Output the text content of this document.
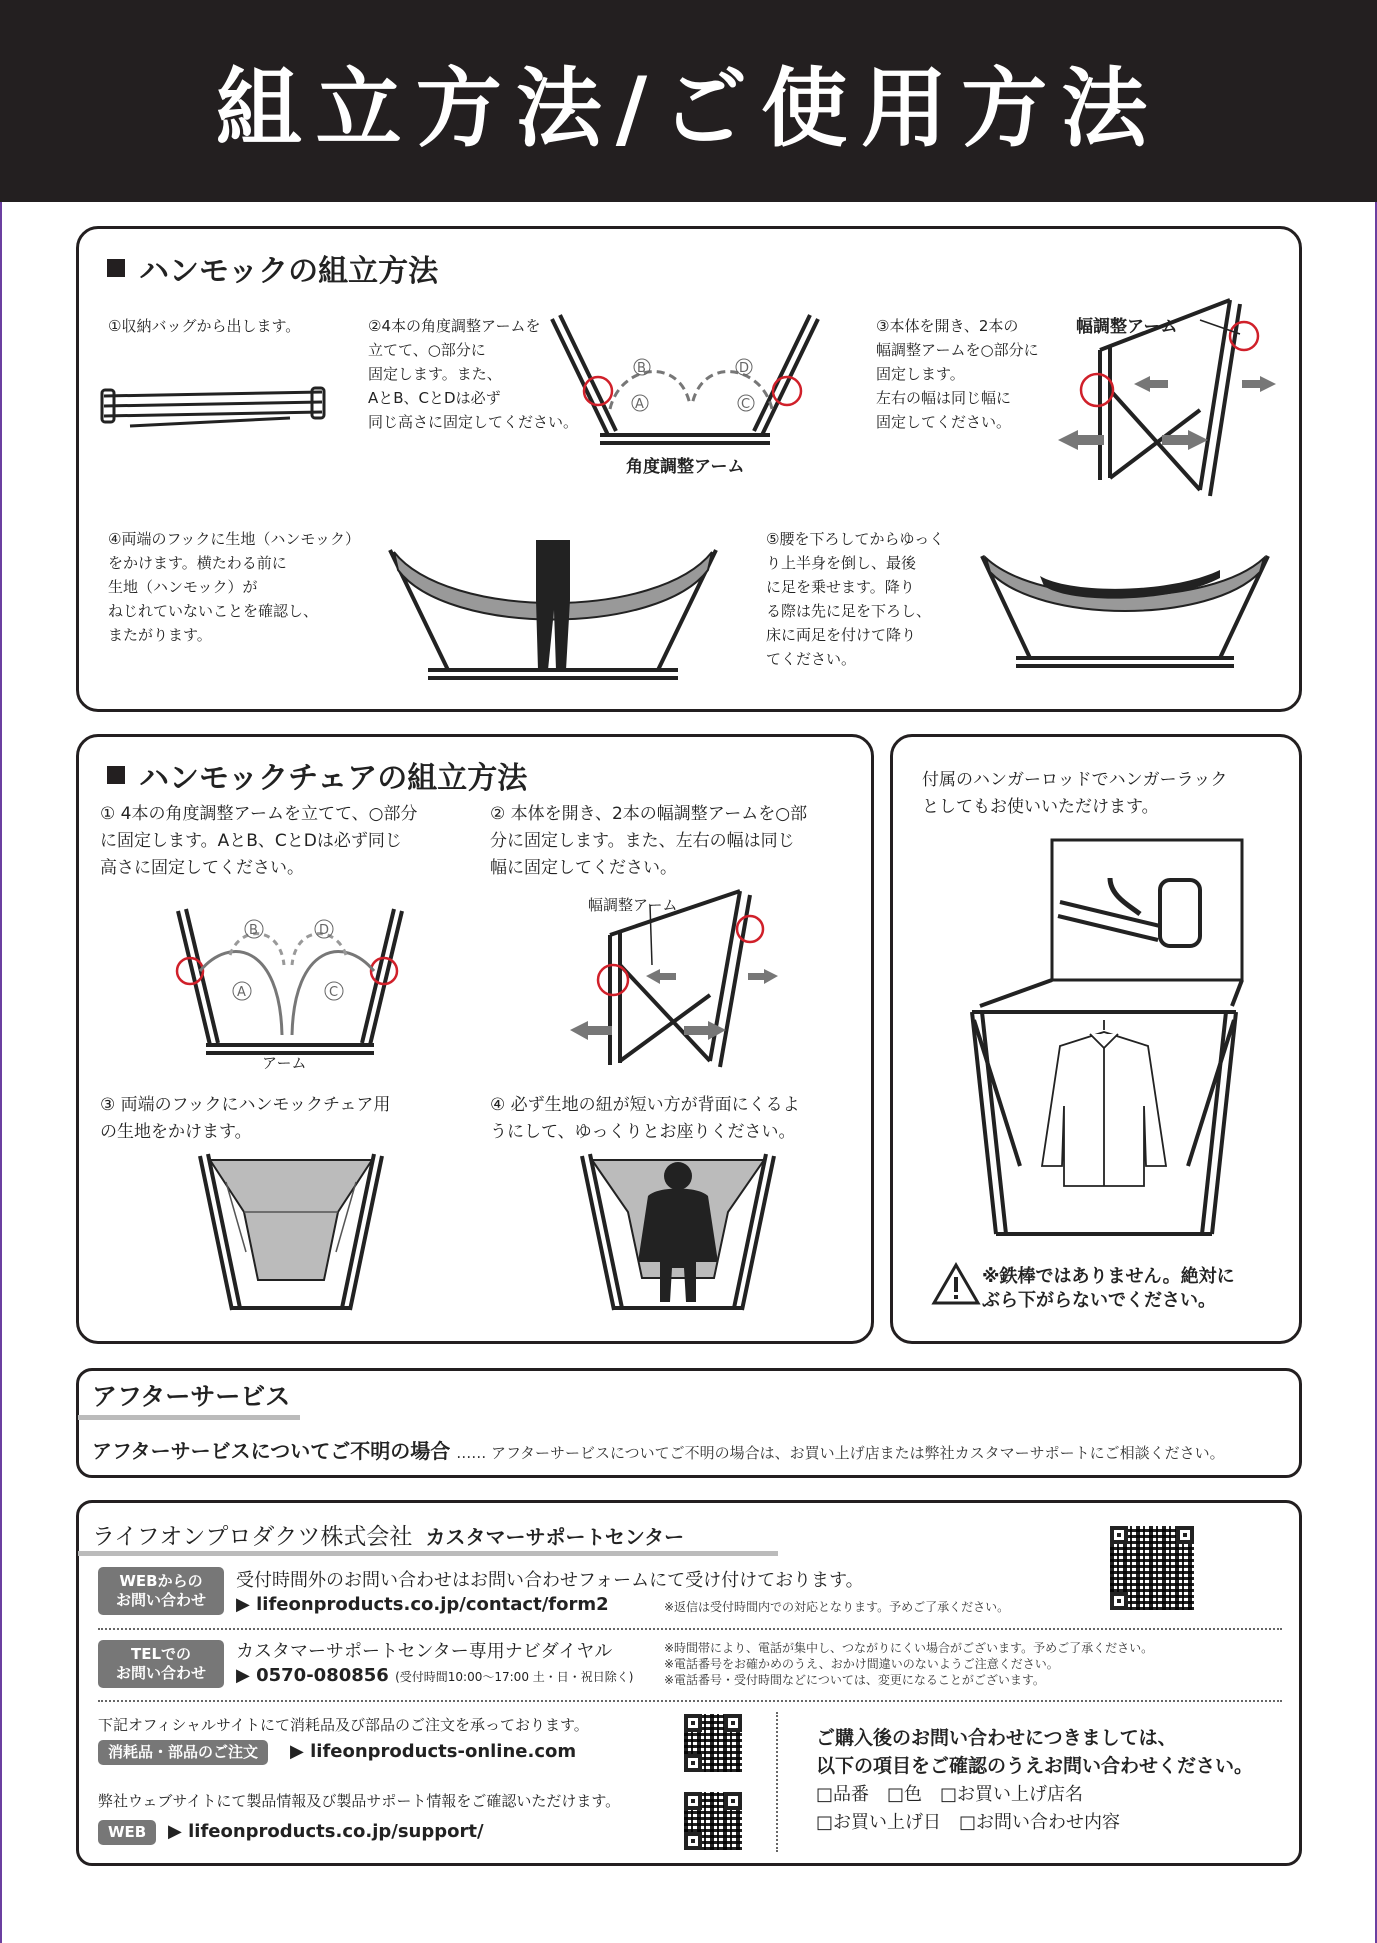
組立方法/ご使用方法
ハンモックの組立方法
①収納バッグから出します。	②4本の角度調整アームを
立てて、○部分に
固定します。また、
AとB、CとDは必ず
同じ高さに固定してください。
A
B
C
D
角度調整アーム
③本体を開き、2本の
幅調整アームを○部分に
固定します。
左右の幅は同じ幅に
固定してください。
幅調整アーム
④両端のフックに生地（ハンモック）
をかけます。横たわる前に
生地（ハンモック）が
ねじれていないことを確認し、
またがります。
⑤腰を下ろしてからゆっく
り上半身を倒し、最後
に足を乗せます。降り
る際は先に足を下ろし、
床に両足を付けて降り
てください。
ハンモックチェアの組立方法
① 4本の角度調整アームを立てて、○部分
に固定します。AとB、CとDは必ず同じ
高さに固定してください。
A
B
C
D
アーム
② 本体を開き、2本の幅調整アームを○部
分に固定します。また、左右の幅は同じ
幅に固定してください。
幅調整アーム
③ 両端のフックにハンモックチェア用
の生地をかけます。
④ 必ず生地の紐が短い方が背面にくるよ
うにして、ゆっくりとお座りください。
付属のハンガーロッドでハンガーラック
としてもお使いいただけます。
※鉄棒ではありません。絶対に
ぶら下がらないでください。
アフターサービス
アフターサービスについてご不明の場合 …… アフターサービスについてご不明の場合は、お買い上げ店または弊社カスタマーサポートにご相談ください。
ライフオンプロダクツ株式会社 カスタマーサポートセンター
WEBからの
お問い合わせ
受付時間外のお問い合わせはお問い合わせフォームにて受け付けております。
▶ lifeonproducts.co.jp/contact/form2	※返信は受付時間内での対応となります。予めご了承ください。
TELでの
お問い合わせ
カスタマーサポートセンター専用ナビダイヤル
▶ 0570-080856 (受付時間10:00〜17:00 土・日・祝日除く)
※時間帯により、電話が集中し、つながりにくい場合がございます。予めご了承ください。
※電話番号をお確かめのうえ、おかけ間違いのないようご注意ください。
※電話番号・受付時間などについては、変更になることがございます。
下記オフィシャルサイトにて消耗品及び部品のご注文を承っております。
消耗品・部品のご注文	▶ lifeonproducts-online.com
弊社ウェブサイトにて製品情報及び製品サポート情報をご確認いただけます。
WEB	▶ lifeonproducts.co.jp/support/
ご購入後のお問い合わせにつきましては、
以下の項目をご確認のうえお問い合わせください。
□品番　□色　□お買い上げ店名
□お買い上げ日　□お問い合わせ内容
